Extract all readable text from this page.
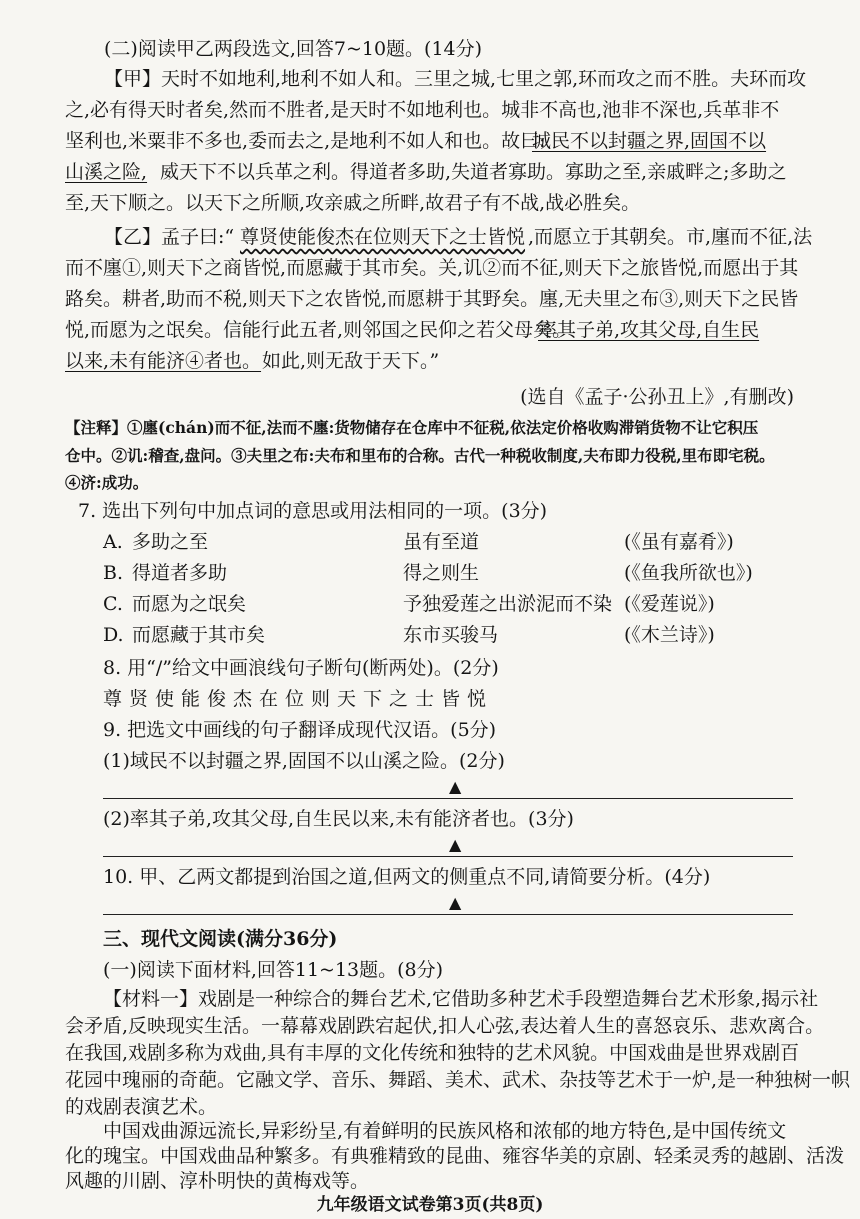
(二)阅读甲乙两段选文,回答7~10题。(14分)
【甲】天时不如地利,地利不如人和。三里之城,七里之郭,环而攻之而不胜。夫环而攻
之,必有得天时者矣,然而不胜者,是天时不如地利也。城非不高也,池非不深也,兵革非不
坚利也,米粟非不多也,委而去之,是地利不如人和也。故曰:
城民不以封疆之界,固国不以
山溪之险, 威天下不以兵革之利。得道者多助,失道者寡助。寡助之至,亲戚畔之;多助之
至,天下顺之。以天下之所顺,攻亲戚之所畔,故君子有不战,战必胜矣。
【乙】孟子曰:“ 尊贤使能俊杰在位则天下之士皆悦 ,而愿立于其朝矣。市,廛而不征,法
而不廛①,则天下之商皆悦,而愿藏于其市矣。关,讥②而不征,则天下之旅皆悦,而愿出于其
路矣。耕者,助而不税,则天下之农皆悦,而愿耕于其野矣。廛,无夫里之布③,则天下之民皆
悦,而愿为之氓矣。信能行此五者,则邻国之民仰之若父母矣。
率其子弟,攻其父母,自生民
以来,未有能济④者也。 如此,则无敌于天下。”
(选自《孟子·公孙丑上》,有删改)
【注释】①廛(chán)而不征,法而不廛:货物储存在仓库中不征税,依法定价格收购滞销货物不让它积压
仓中。②讥:稽查,盘问。③夫里之布:夫布和里布的合称。古代一种税收制度,夫布即力役税,里布即宅税。
④济:成功。
7. 选出下列句中加点词的意思或用法相同的一项。(3分)
A. 多助之至	虽有至道	(《虽有嘉肴》)
B. 得道者多助	得之则生	(《鱼我所欲也》)
C. 而愿为之氓矣	予独爱莲之出淤泥而不染 (《爱莲说》)
D. 而愿藏于其市矣	东市买骏马	(《木兰诗》)
8. 用“/”给文中画浪线句子断句(断两处)。(2分)
尊贤使能俊杰在位则天下之士皆悦
9. 把选文中画线的句子翻译成现代汉语。(5分)
(1)域民不以封疆之界,固国不以山溪之险。(2分)
▲
(2)率其子弟,攻其父母,自生民以来,未有能济者也。(3分)
▲
10. 甲、乙两文都提到治国之道,但两文的侧重点不同,请简要分析。(4分)
▲
三、现代文阅读(满分36分)
(一)阅读下面材料,回答11~13题。(8分)
【材料一】戏剧是一种综合的舞台艺术,它借助多种艺术手段塑造舞台艺术形象,揭示社
会矛盾,反映现实生活。一幕幕戏剧跌宕起伏,扣人心弦,表达着人生的喜怒哀乐、悲欢离合。
在我国,戏剧多称为戏曲,具有丰厚的文化传统和独特的艺术风貌。中国戏曲是世界戏剧百
花园中瑰丽的奇葩。它融文学、音乐、舞蹈、美术、武术、杂技等艺术于一炉,是一种独树一帜
的戏剧表演艺术。
中国戏曲源远流长,异彩纷呈,有着鲜明的民族风格和浓郁的地方特色,是中国传统文
化的瑰宝。中国戏曲品种繁多。有典雅精致的昆曲、雍容华美的京剧、轻柔灵秀的越剧、活泼
风趣的川剧、淳朴明快的黄梅戏等。
九年级语文试卷第3页(共8页)
